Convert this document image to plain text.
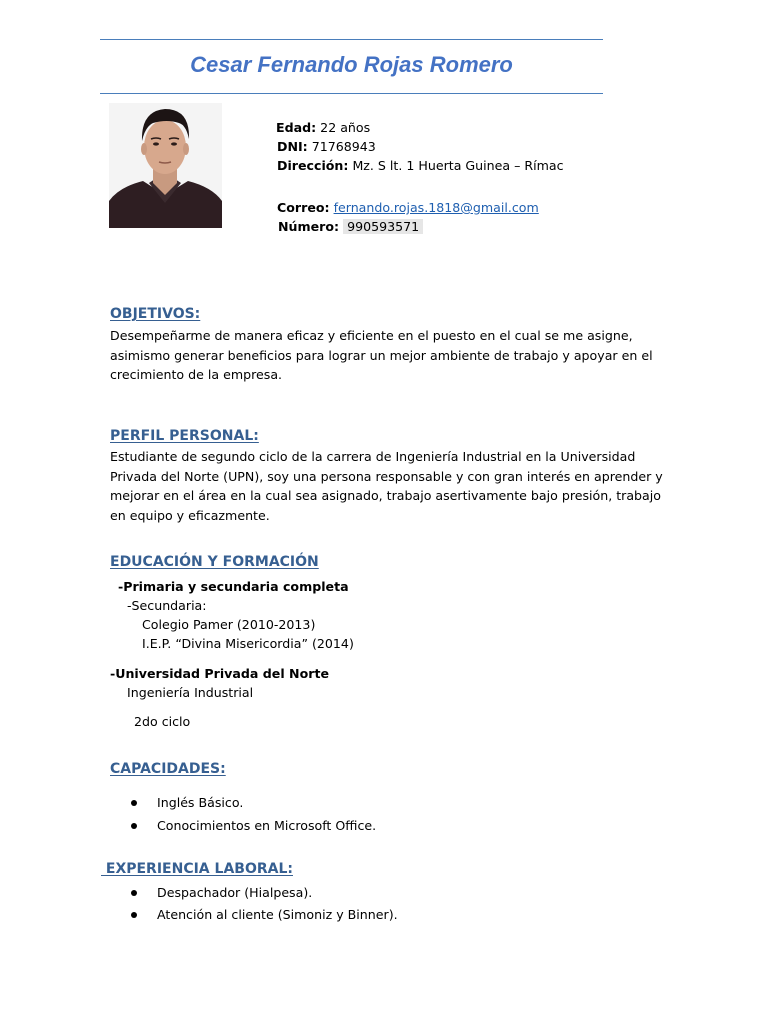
Cesar Fernando Rojas Romero
Edad: 22 años
DNI: 71768943
Dirección: Mz. S lt. 1 Huerta Guinea – Rímac
Correo: fernando.rojas.1818@gmail.com
Número: 990593571
OBJETIVOS:
Desempeñarme de manera eficaz y eficiente en el puesto en el cual se me asigne, asimismo generar beneficios para lograr un mejor ambiente de trabajo y apoyar en el crecimiento de la empresa.
PERFIL PERSONAL:
Estudiante de segundo ciclo de la carrera de Ingeniería Industrial en la Universidad Privada del Norte (UPN), soy una persona responsable y con gran interés en aprender y mejorar en el área en la cual sea asignado, trabajo asertivamente bajo presión, trabajo en equipo y eficazmente.
EDUCACIÓN Y FORMACIÓN
-Primaria y secundaria completa
-Secundaria:
Colegio Pamer (2010-2013)
I.E.P. “Divina Misericordia” (2014)
-Universidad Privada del Norte
Ingeniería Industrial
2do ciclo
CAPACIDADES:
Inglés Básico.
Conocimientos en Microsoft Office.
EXPERIENCIA LABORAL:
Despachador (Hialpesa).
Atención al cliente (Simoniz y Binner).
